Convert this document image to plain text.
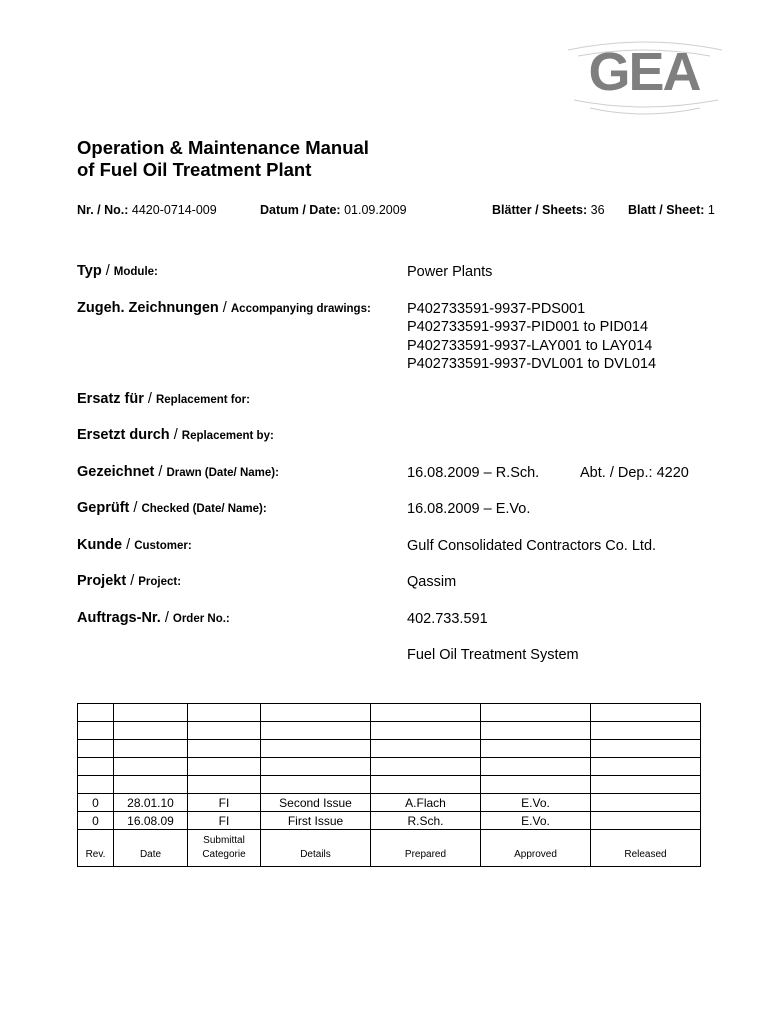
GEA
Operation & Maintenance Manual
of Fuel Oil Treatment Plant
Nr. / No.: 4420-0714-009	Datum / Date: 01.09.2009	Blätter / Sheets: 36 Blatt / Sheet: 1
Typ / Module:	Power Plants
Zugeh. Zeichnungen / Accompanying drawings: P402733591-9937-PDS001
P402733591-9937-PID001 to PID014
P402733591-9937-LAY001 to LAY014
P402733591-9937-DVL001 to DVL014
Ersatz für / Replacement for:
Ersetzt durch / Replacement by:
Gezeichnet / Drawn (Date/ Name):	16.08.2009 – R.Sch.	Abt. / Dep.: 4220
Geprüft / Checked (Date/ Name):	16.08.2009 – E.Vo.
Kunde / Customer:	Gulf Consolidated Contractors Co. Ltd.
Projekt / Project:	Qassim
Auftrags-Nr. / Order No.:	402.733.591
Fuel Oil Treatment System

0	28.01.10	FI	Second Issue	A.Flach	E.Vo.	
0	16.08.09	FI	First Issue	R.Sch.	E.Vo.	
Rev.	Date	Submittal Categorie	Details	Prepared	Approved	Released
